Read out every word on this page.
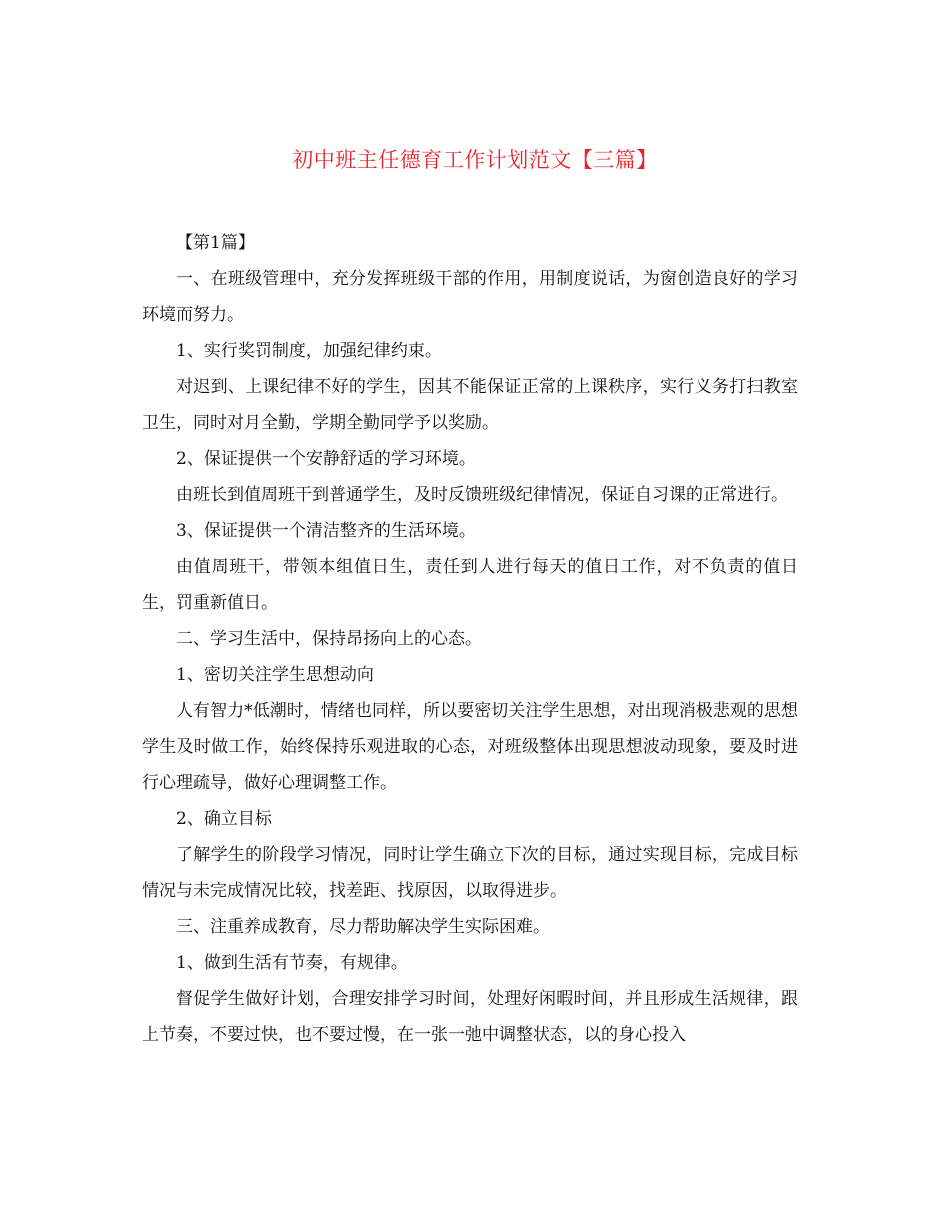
初中班主任德育工作计划范文【三篇】

【第1篇】

一、在班级管理中，充分发挥班级干部的作用，用制度说话，为窗创造良好的学习环境而努力。

1、实行奖罚制度，加强纪律约束。

对迟到、上课纪律不好的学生，因其不能保证正常的上课秩序，实行义务打扫教室卫生，同时对月全勤，学期全勤同学予以奖励。

2、保证提供一个安静舒适的学习环境。

由班长到值周班干到普通学生，及时反馈班级纪律情况，保证自习课的正常进行。

3、保证提供一个清洁整齐的生活环境。

由值周班干，带领本组值日生，责任到人进行每天的值日工作，对不负责的值日生，罚重新值日。

二、学习生活中，保持昂扬向上的心态。

1、密切关注学生思想动向

人有智力*低潮时，情绪也同样，所以要密切关注学生思想，对出现消极悲观的思想学生及时做工作，始终保持乐观进取的心态，对班级整体出现思想波动现象，要及时进行心理疏导，做好心理调整工作。

2、确立目标

了解学生的阶段学习情况，同时让学生确立下次的目标，通过实现目标，完成目标情况与未完成情况比较，找差距、找原因，以取得进步。

三、注重养成教育，尽力帮助解决学生实际困难。

1、做到生活有节奏，有规律。

督促学生做好计划，合理安排学习时间，处理好闲暇时间，并且形成生活规律，跟上节奏，不要过快，也不要过慢，在一张一弛中调整状态，以的身心投入
